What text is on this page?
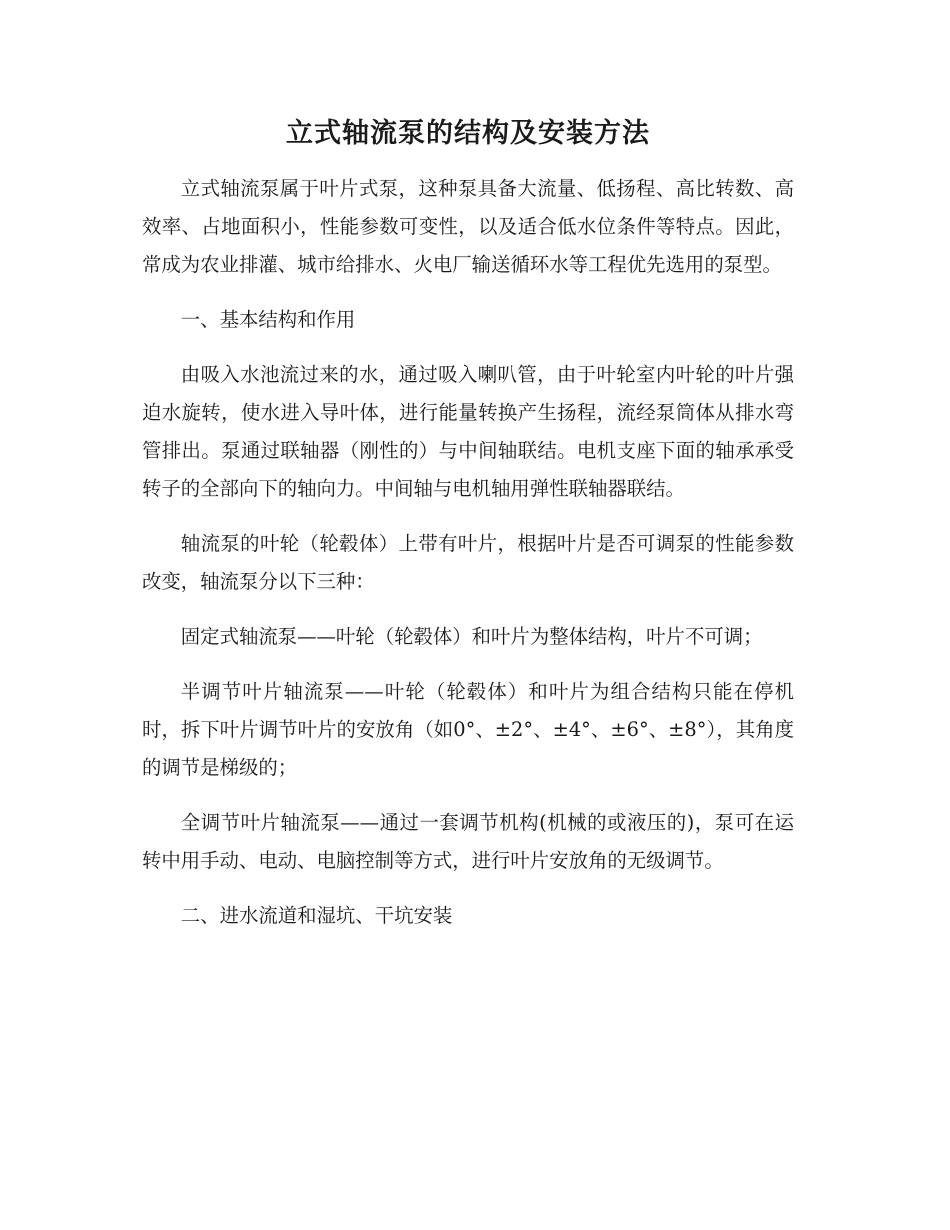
立式轴流泵的结构及安装方法

立式轴流泵属于叶片式泵，这种泵具备大流量、低扬程、高比转数、高效率、占地面积小，性能参数可变性，以及适合低水位条件等特点。因此，常成为农业排灌、城市给排水、火电厂输送循环水等工程优先选用的泵型。

一、基本结构和作用

由吸入水池流过来的水，通过吸入喇叭管，由于叶轮室内叶轮的叶片强迫水旋转，使水进入导叶体，进行能量转换产生扬程，流经泵筒体从排水弯管排出。泵通过联轴器（刚性的）与中间轴联结。电机支座下面的轴承承受转子的全部向下的轴向力。中间轴与电机轴用弹性联轴器联结。

轴流泵的叶轮（轮毂体）上带有叶片，根据叶片是否可调泵的性能参数改变，轴流泵分以下三种：

固定式轴流泵——叶轮（轮毂体）和叶片为整体结构，叶片不可调；

半调节叶片轴流泵——叶轮（轮毂体）和叶片为组合结构只能在停机时，拆下叶片调节叶片的安放角（如0°、±2°、±4°、±6°、±8°），其角度的调节是梯级的；

全调节叶片轴流泵——通过一套调节机构(机械的或液压的)，泵可在运转中用手动、电动、电脑控制等方式，进行叶片安放角的无级调节。

二、进水流道和湿坑、干坑安装
